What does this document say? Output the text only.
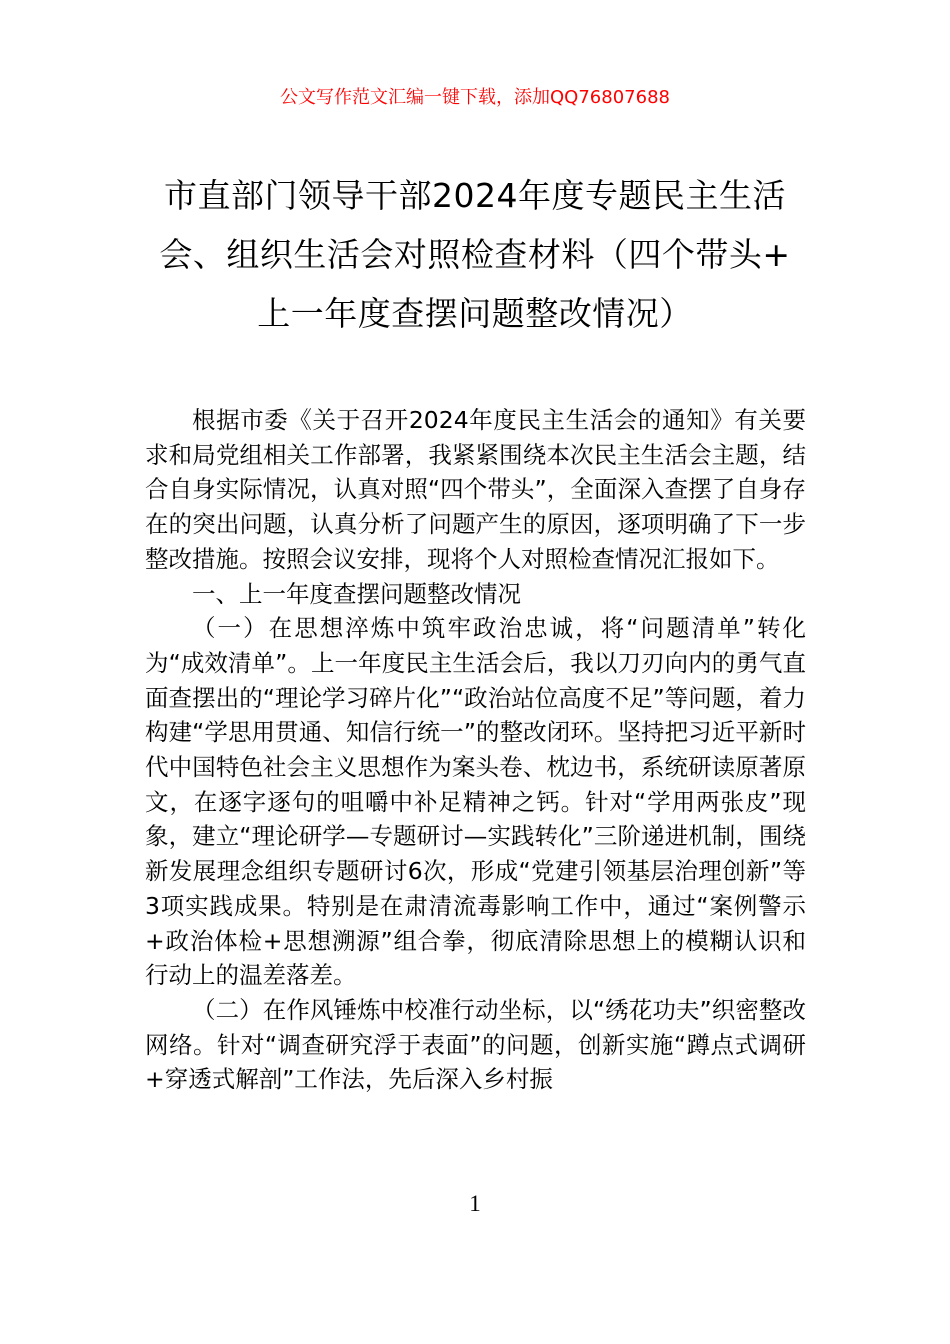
公文写作范文汇编一键下载，添加QQ76807688
市直部门领导干部2024年度专题民主生活
会、组织生活会对照检查材料（四个带头+
上一年度查摆问题整改情况）

根据市委《关于召开2024年度民主生活会的通知》有关要求和局党组相关工作部署，我紧紧围绕本次民主生活会主题，结合自身实际情况，认真对照“四个带头”，全面深入查摆了自身存在的突出问题，认真分析了问题产生的原因，逐项明确了下一步整改措施。按照会议安排，现将个人对照检查情况汇报如下。

一、上一年度查摆问题整改情况

（一）在思想淬炼中筑牢政治忠诚，将“问题清单”转化为“成效清单”。上一年度民主生活会后，我以刀刃向内的勇气直面查摆出的“理论学习碎片化”“政治站位高度不足”等问题，着力构建“学思用贯通、知信行统一”的整改闭环。坚持把习近平新时代中国特色社会主义思想作为案头卷、枕边书，系统研读原著原文，在逐字逐句的咀嚼中补足精神之钙。针对“学用两张皮”现象，建立“理论研学—专题研讨—实践转化”三阶递进机制，围绕新发展理念组织专题研讨6次，形成“党建引领基层治理创新”等3项实践成果。特别是在肃清流毒影响工作中，通过“案例警示+政治体检+思想溯源”组合拳，彻底清除思想上的模糊认识和行动上的温差落差。

（二）在作风锤炼中校准行动坐标，以“绣花功夫”织密整改网络。针对“调查研究浮于表面”的问题，创新实施“蹲点式调研+穿透式解剖”工作法，先后深入乡村振

1
